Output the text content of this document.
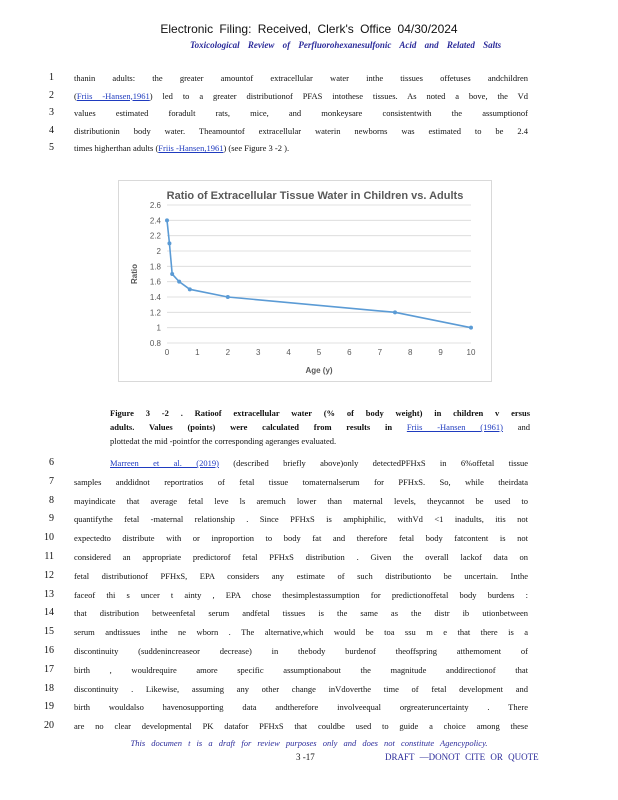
Electronic Filing: Received, Clerk's Office 04/30/2024
Toxicological Review of Perfluorohexanesulfonic Acid and Related Salts
1 thanin adults: the greater amountof extracellular water inthe tissues offetuses andchildren
2 (Friis -Hansen,1961) led to a greater distributionof PFAS intothese tissues. As noted a bove, the Vd
3 values estimated foradult rats, mice, and monkeysare consistentwith the assumptionof
4 distributionin body water. Theamountof extracellular waterin newborns was estimated to be 2.4
5 times higherthan adults (Friis -Hansen,1961) (see Figure 3 -2 ).
Ratio of Extracellular Tissue Water in Children vs. Adults
Ratio
Age (y)
0.8
1
1.2
1.4
1.6
1.8
2
2.2
2.4
2.6
0	1	2	3	4	5	6	7	8	9	10
Figure 3 -2 . Ratioof extracellular water (% of body weight) in children v ersus
adults. Values (points) were calculated from results in Friis -Hansen (1961) and
plottedat the mid -pointfor the corresponding ageranges evaluated.
6	Marreen et al. (2019) (described briefly above)only detectedPFHxS in 6%offetal tissue
7 samples anddidnot reportratios of fetal tissue tomaternalserum for PFHxS. So, while theirdata
8 mayindicate that average fetal leve ls aremuch lower than maternal levels, theycannot be used to
9 quantifythe fetal -maternal relationship . Since PFHxS is amphiphilic, withVd <1 inadults, itis not
10 expectedto distribute with or inproportion to body fat and therefore fetal body fatcontent is not
11 considered an appropriate predictorof fetal PFHxS distribution . Given the overall lackof data on
12 fetal distributionof PFHxS, EPA considers any estimate of such distributionto be uncertain. Inthe
13 faceof thi s uncer t ainty , EPA chose thesimplestassumption for predictionoffetal body burdens :
14 that distribution betweenfetal serum andfetal tissues is the same as the distr ib utionbetween
15 serum andtissues inthe ne wborn . The alternative,which would be toa ssu m e that there is a
16 discontinuity (suddenincreaseor decrease) in thebody burdenof theoffspring atthemoment of
17 birth , wouldrequire amore specific assumptionabout the magnitude anddirectionof that
18 discontinuity . Likewise, assuming any other change inVdoverthe time of fetal development and
19 birth wouldalso havenosupporting data andtherefore involveequal orgreateruncertainty . There
20 are no clear developmental PK datafor PFHxS that couldbe used to guide a choice among these
This documen t is a draft for review purposes only and does not constitute Agencypolicy.
3 -17	DRAFT —DONOT CITE OR QUOTE
